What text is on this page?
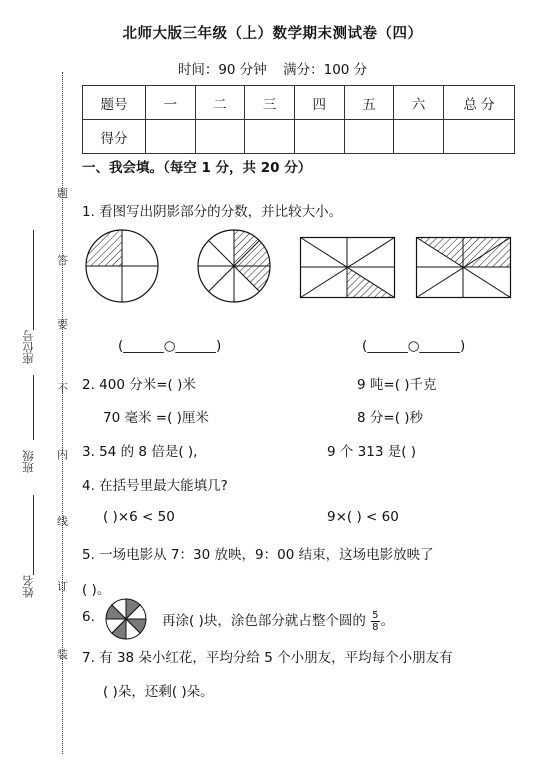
北师大版三年级（上）数学期末测试卷（四）
时间：90 分钟 满分：100 分
题号	一	二	三	四	五	六	总 分
得分							
题
答
要
不
内
线
订
装
座位号
班级
姓名
一、我会填。（每空 1 分，共 20 分）
1. 看图写出阴影部分的分数，并比较大小。
(______○______)	(______○______)
2. 400 分米=( )米	9 吨=( )千克
70 毫米 =( )厘米	8 分=( )秒
3. 54 的 8 倍是( ),	9 个 313 是( )
4. 在括号里最大能填几?
( )×6 < 50	9×( ) < 60
5. 一场电影从 7：30 放映，9：00 结束，这场电影放映了
( )。
6.	再涂( )块，涂色部分就占整个圆的 $\frac{5}{8}$ 。
7. 有 38 朵小红花，平均分给 5 个小朋友，平均每个小朋友有
( )朵，还剩( )朵。
